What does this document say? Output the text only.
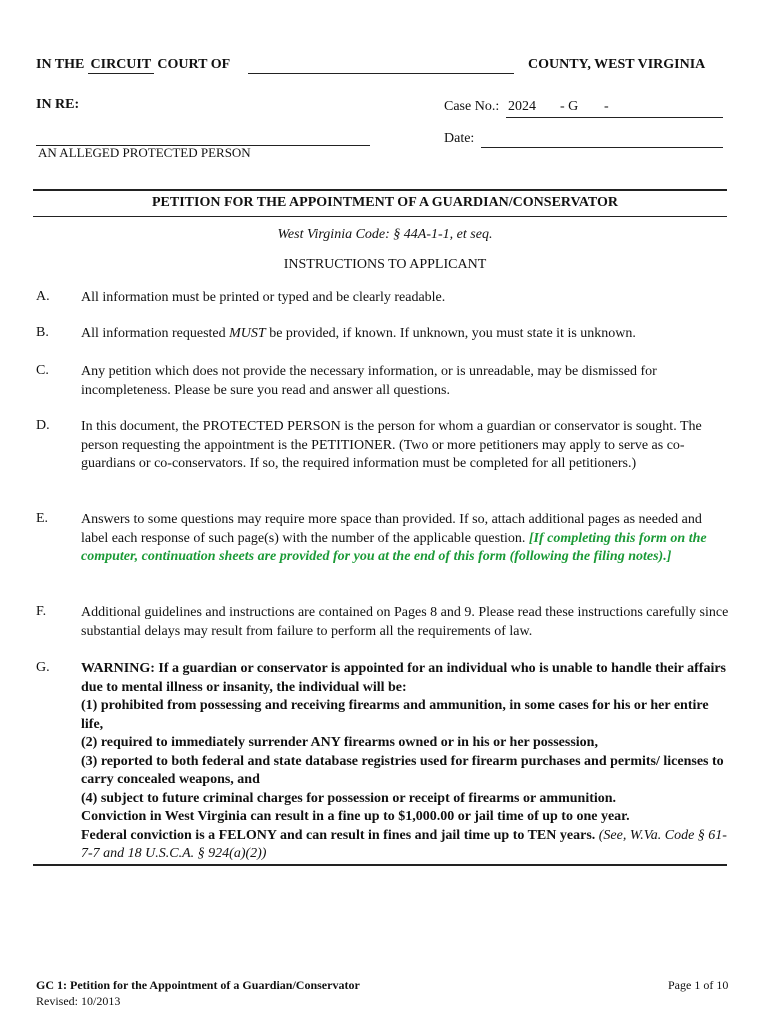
IN THE CIRCUIT COURT OF	COUNTY, WEST VIRGINIA
IN RE:	Case No.: 2024 - G -
Date:
AN ALLEGED PROTECTED PERSON
PETITION FOR THE APPOINTMENT OF A GUARDIAN/CONSERVATOR
West Virginia Code: § 44A-1-1, et seq.
INSTRUCTIONS TO APPLICANT
A. All information must be printed or typed and be clearly readable.
B. All information requested MUST be provided, if known. If unknown, you must state it is unknown.
C. Any petition which does not provide the necessary information, or is unreadable, may be dismissed for incompleteness. Please be sure you read and answer all questions.
D. In this document, the PROTECTED PERSON is the person for whom a guardian or conservator is sought. The person requesting the appointment is the PETITIONER. (Two or more petitioners may apply to serve as co-guardians or co-conservators. If so, the required information must be completed for all petitioners.)
E. Answers to some questions may require more space than provided. If so, attach additional pages as needed and label each response of such page(s) with the number of the applicable question. [If completing this form on the computer, continuation sheets are provided for you at the end of this form (following the filing notes).]
F. Additional guidelines and instructions are contained on Pages 8 and 9. Please read these instructions carefully since substantial delays may result from failure to perform all the requirements of law.
G. WARNING: If a guardian or conservator is appointed for an individual who is unable to handle their affairs due to mental illness or insanity, the individual will be:
(1) prohibited from possessing and receiving firearms and ammunition, in some cases for his or her entire life,
(2) required to immediately surrender ANY firearms owned or in his or her possession,
(3) reported to both federal and state database registries used for firearm purchases and permits/ licenses to carry concealed weapons, and
(4) subject to future criminal charges for possession or receipt of firearms or ammunition.
Conviction in West Virginia can result in a fine up to $1,000.00 or jail time of up to one year.
Federal conviction is a FELONY and can result in fines and jail time up to TEN years. (See, W.Va. Code § 61-7-7 and 18 U.S.C.A. § 924(a)(2))
GC 1: Petition for the Appointment of a Guardian/Conservator
Revised: 10/2013
Page 1 of 10
